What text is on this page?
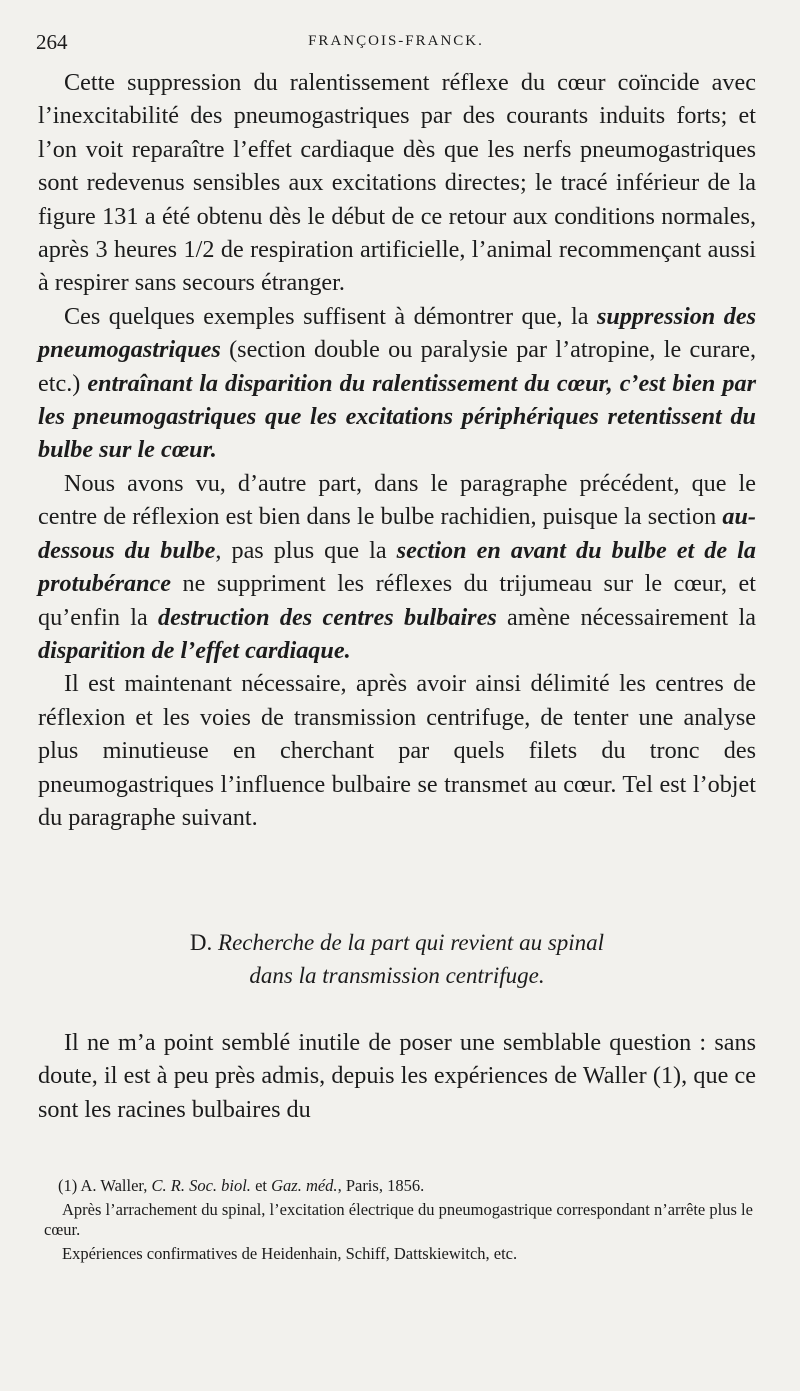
264	FRANÇOIS-FRANCK.

Cette suppression du ralentissement réflexe du cœur coïncide avec l’inexcitabilité des pneumogastriques par des courants induits forts; et l’on voit reparaître l’effet cardiaque dès que les nerfs pneumogastriques sont redevenus sensibles aux excitations directes; le tracé inférieur de la figure 131 a été obtenu dès le début de ce retour aux conditions normales, après 3 heures 1/2 de respiration artificielle, l’animal recommençant aussi à respirer sans secours étranger.

Ces quelques exemples suffisent à démontrer que, la suppression des pneumogastriques (section double ou paralysie par l’atropine, le curare, etc.) entraînant la disparition du ralentissement du cœur, c’est bien par les pneumogastriques que les excitations périphériques retentissent du bulbe sur le cœur.

Nous avons vu, d’autre part, dans le paragraphe précédent, que le centre de réflexion est bien dans le bulbe rachidien, puisque la section au-dessous du bulbe, pas plus que la section en avant du bulbe et de la protubérance ne suppriment les réflexes du trijumeau sur le cœur, et qu’enfin la destruction des centres bulbaires amène nécessairement la disparition de l’effet cardiaque.

Il est maintenant nécessaire, après avoir ainsi délimité les centres de réflexion et les voies de transmission centrifuge, de tenter une analyse plus minutieuse en cherchant par quels filets du tronc des pneumogastriques l’influence bulbaire se transmet au cœur. Tel est l’objet du paragraphe suivant.

D. Recherche de la part qui revient au spinal
dans la transmission centrifuge.

Il ne m’a point semblé inutile de poser une semblable question : sans doute, il est à peu près admis, depuis les expériences de Waller (1), que ce sont les racines bulbaires du

(1) A. Waller, C. R. Soc. biol. et Gaz. méd., Paris, 1856.

Après l’arrachement du spinal, l’excitation électrique du pneumogastrique correspondant n’arrête plus le cœur.

Expériences confirmatives de Heidenhain, Schiff, Dattskiewitch, etc.
